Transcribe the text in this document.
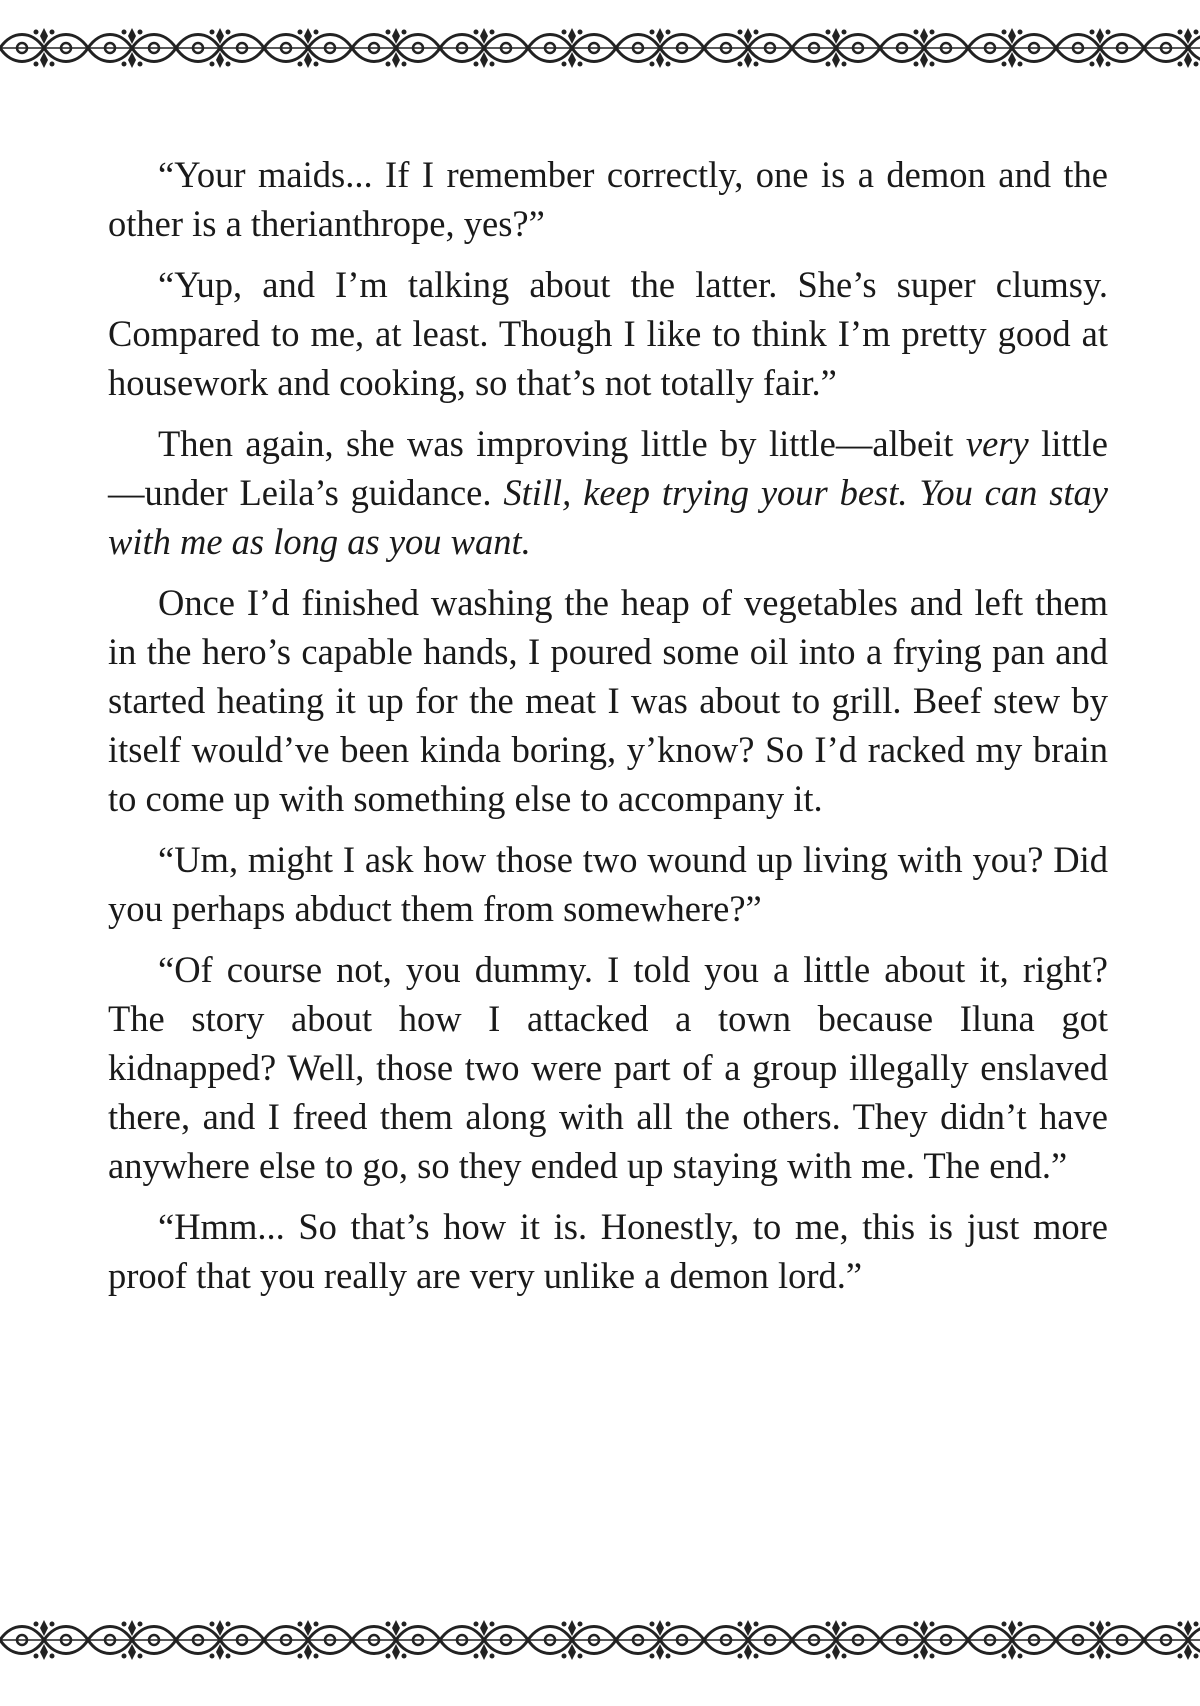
“Your maids... If I remember correctly, one is a demon and the other is a therianthrope, yes?”

“Yup, and I’m talking about the latter. She’s super clumsy. Compared to me, at least. Though I like to think I’m pretty good at housework and cooking, so that’s not totally fair.”

Then again, she was improving little by little—albeit very little—under Leila’s guidance. Still, keep trying your best. You can stay with me as long as you want.

Once I’d finished washing the heap of vegetables and left them in the hero’s capable hands, I poured some oil into a frying pan and started heating it up for the meat I was about to grill. Beef stew by itself would’ve been kinda boring, y’know? So I’d racked my brain to come up with something else to accompany it.

“Um, might I ask how those two wound up living with you? Did you perhaps abduct them from somewhere?”

“Of course not, you dummy. I told you a little about it, right? The story about how I attacked a town because Iluna got kidnapped? Well, those two were part of a group illegally enslaved there, and I freed them along with all the others. They didn’t have anywhere else to go, so they ended up staying with me. The end.”

“Hmm... So that’s how it is. Honestly, to me, this is just more proof that you really are very unlike a demon lord.”
